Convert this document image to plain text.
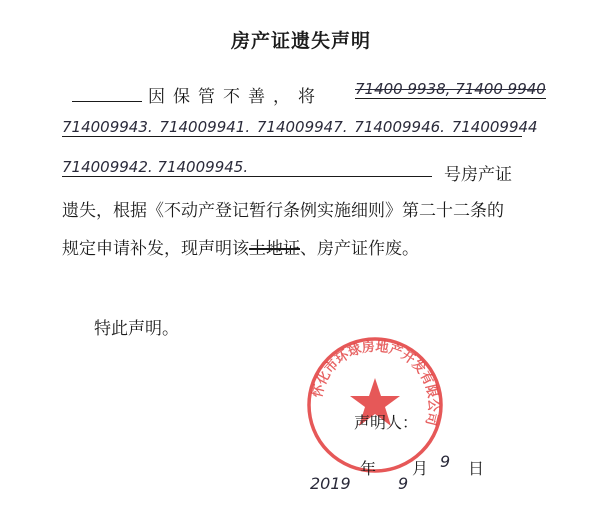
房产证遗失声明
因保管不善，将 71400 9938, 71400 9940
714009943. 714009941. 714009947. 714009946. 714009944
714009942. 714009945.	号房产证
遗失，根据《不动产登记暂行条例实施细则》第二十二条的
规定申请补发，现声明该土地证、房产证作废。
特此声明。
怀化市环球房地产开发有限公司
声明人：
年 月 日
2019	9
9
